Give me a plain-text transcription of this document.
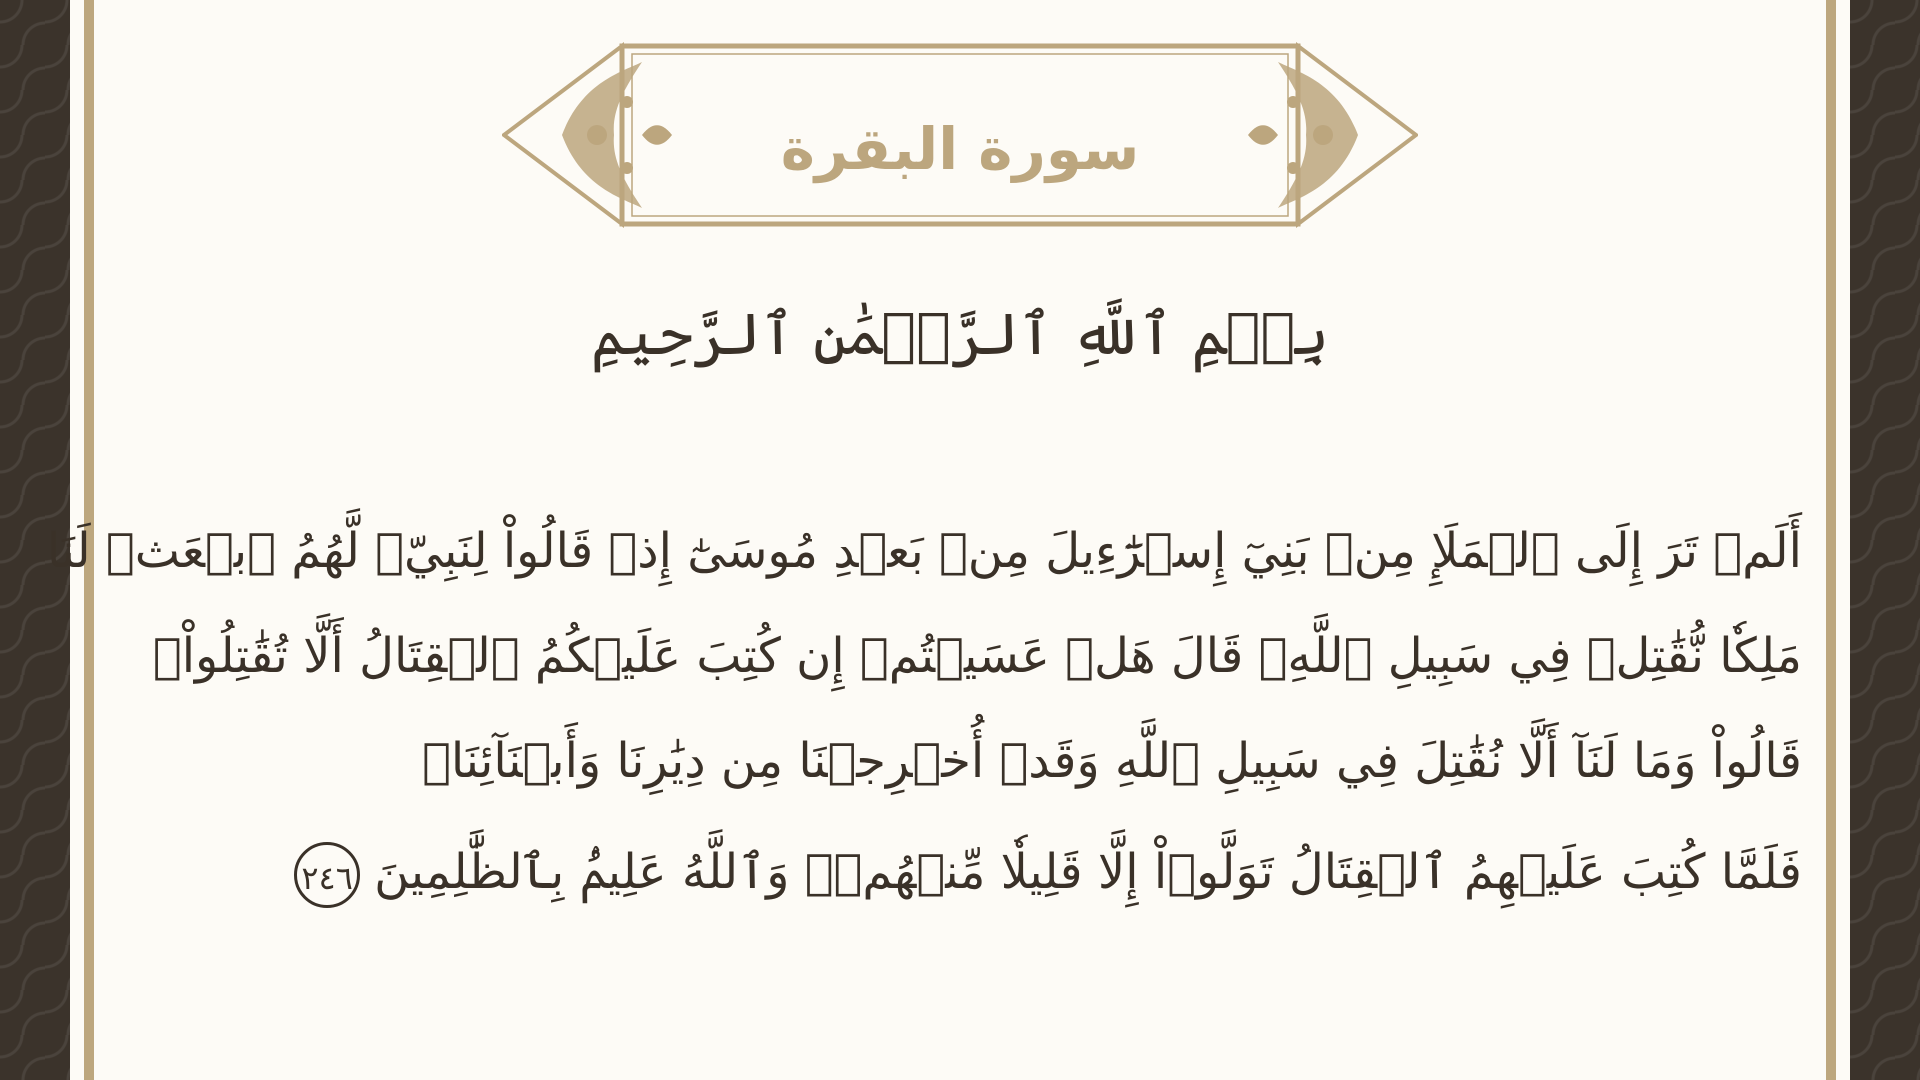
سورة البقرة
بِسۡمِ ٱللَّهِ ٱلرَّحۡمَٰنِ ٱلرَّحِيمِ
أَلَمۡ تَرَ إِلَى ٱلۡمَلَإِ مِنۢ بَنِيٓ إِسۡرَٰٓءِيلَ مِنۢ بَعۡدِ مُوسَىٰٓ إِذۡ قَالُواْ لِنَبِيّٖ لَّهُمُ ٱبۡعَثۡ لَنَا
مَلِكٗا نُّقَٰتِلۡ فِي سَبِيلِ ٱللَّهِۖ قَالَ هَلۡ عَسَيۡتُمۡ إِن كُتِبَ عَلَيۡكُمُ ٱلۡقِتَالُ أَلَّا تُقَٰتِلُواْۖ
قَالُواْ وَمَا لَنَآ أَلَّا نُقَٰتِلَ فِي سَبِيلِ ٱللَّهِ وَقَدۡ أُخۡرِجۡنَا مِن دِيَٰرِنَا وَأَبۡنَآئِنَاۖ
فَلَمَّا كُتِبَ عَلَيۡهِمُ ٱلۡقِتَالُ تَوَلَّوۡاْ إِلَّا قَلِيلٗا مِّنۡهُمۡۗ وَٱللَّهُ عَلِيمُۢ بِٱلظَّٰلِمِينَ٢٤٦
